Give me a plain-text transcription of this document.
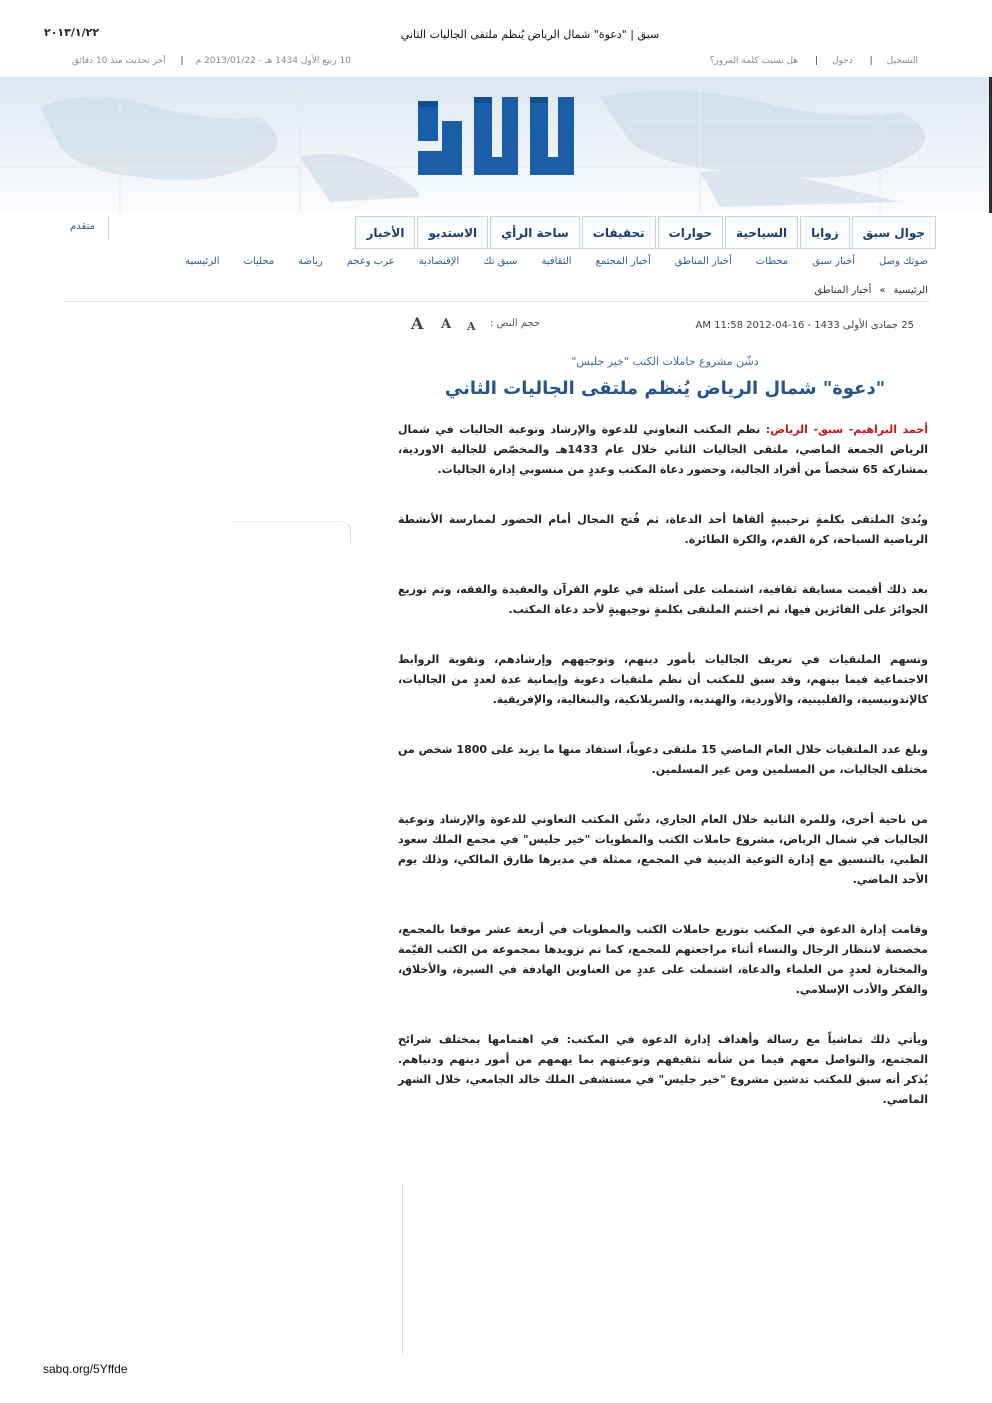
٢٠١٣/١/٢٢	سبق | "دعوة" شمال الرياض يُنظم ملتقى الجاليات الثاني
التسجيل| دخول| هل نسيت كلمة المرور؟
10 ربيع الأول 1434 هـ - 2013/01/22 م| آخر تحديث منذ 10 دقائق
الأخبار	الاستديو	ساحة الرأي	تحقيقات	حوارات	السياحية	زوايا	جوال سبق
متقدم
الرئيسية محليات رياضة عرب وعجم الإقتصادية سبق تك الثقافية أخبار المجتمع أخبار المناطق محطات أخبار سبق صوتك وصل
الرئيسية»أخبار المناطق
25 جمادى الأولى 1433 - 16-04-2012 11:58 AM
حجم النص :
A
A
A
دشّن مشروع حاملات الكتب "خير جليس"
"دعوة" شمال الرياض يُنظم ملتقى الجاليات الثاني

أحمد البراهيم- سبق- الرياض: نظم المكتب التعاوني للدعوة والإرشاد وتوعية الجاليات في شمال الرياض الجمعة الماضي، ملتقى الجاليات الثاني خلال عام 1433هـ والمخصّص للجالية الاوردية، بمشاركة 65 شخصاً من أفراد الجالية، وحضور دعاة المكتب وعددٍ من منسوبي إدارة الجاليات.

وبُدئ الملتقى بكلمةٍ ترحيبيةٍ ألقاها أحد الدعاة، ثم فُتح المجال أمام الحضور لممارسة الأنشطة الرياضية السباحة، كرة القدم، والكرة الطائرة.

بعد ذلك أقيمت مسابقة ثقافية، اشتملت على أسئلة في علوم القرآن والعقيدة والفقه، وتم توزيع الجوائز على الفائزين فيها، ثم اختتم الملتقى بكلمةٍ توجيهيةٍ لأحد دعاة المكتب.

وتسهم الملتقيات في تعريف الجاليات بأمور دينهم، وتوجيههم وإرشادهم، وتقوية الروابط الاجتماعية فيما بينهم، وقد سبق للمكتب أن نظم ملتقيات دعوية وإيمانية عدة لعددٍ من الجاليات، كالإندونيسية، والفلبينية، والأوردية، والهندية، والسريلانكية، والبنغالية، والإفريقية.

وبلغ عدد الملتقيات خلال العام الماضي 15 ملتقى دعوياً، استفاد منها ما يزيد على 1800 شخص من مختلف الجاليات، من المسلمين ومن غير المسلمين.

من ناحية أخرى، وللمرة الثانية خلال العام الجاري، دشّن المكتب التعاوني للدعوة والإرشاد وتوعية الجاليات في شمال الرياض، مشروع حاملات الكتب والمطويات "خير جليس" في مجمع الملك سعود الطبي، بالتنسيق مع إدارة التوعية الدينية في المجمع، ممثلة في مديرها طارق المالكي، وذلك يوم الأحد الماضي.

وقامت إدارة الدعوة في المكتب بتوزيع حاملات الكتب والمطويات في أربعة عشر موقعا بالمجمع، مخصصة لانتظار الرجال والنساء أثناء مراجعتهم للمجمع، كما تم تزويدها بمجموعة من الكتب القيّمة والمختارة لعددٍ من العلماء والدعاة، اشتملت على عددٍ من العناوين الهادفة في السيرة، والأخلاق، والفكر والأدب الإسلامي.

ويأتي ذلك تماشياً مع رسالة وأهداف إدارة الدعوة في المكتب: في اهتمامها بمختلف شرائح المجتمع، والتواصل معهم فيما من شأنه تثقيفهم وتوعيتهم بما يهمهم من أمور دينهم ودنياهم. يُذكر أنه سبق للمكتب تدشين مشروع "خير جليس" في مستشفى الملك خالد الجامعي، خلال الشهر الماضي.

sabq.org/5Yffde
